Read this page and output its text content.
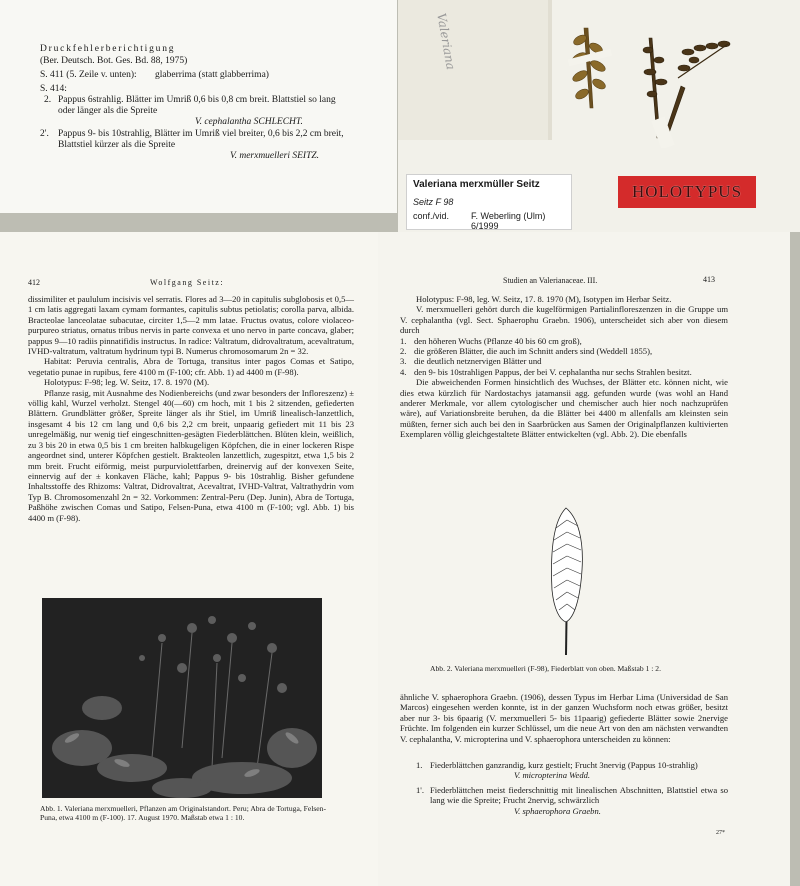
Druckfehlerberichtigung
(Ber. Deutsch. Bot. Ges. Bd. 88, 1975)
S. 411 (5. Zeile v. unten): glaberrima (statt glabberrima)
S. 414:
2. Pappus 6strahlig. Blätter im Umriß 0,6 bis 0,8 cm breit. Blattstiel so lang oder länger als die Spreite
V. cephalantha SCHLECHT.
2'. Pappus 9- bis 10strahlig, Blätter im Umriß viel breiter, 0,6 bis 2,2 cm breit, Blattstiel kürzer als die Spreite
V. merxmuelleri SEITZ.
Valeriana
Valeriana merxmüller Seitz
Seitz F 98
conf./vid. F. Weberling (Ulm) 6/1999
HOLOTYPUS
412	Wolfgang Seitz:

dissimiliter et paululum incisivis vel serratis. Flores ad 3—20 in capitulis subglobosis et 0,5—1 cm latis aggregati laxam cymam formantes, capitulis subtus petiolatis; corolla parva, albida. Bracteolae lanceolatae subacutae, circiter 1,5—2 mm latae. Fructus ovatus, colore violaceo-purpureo striatus, ornatus tribus nervis in parte convexa et uno nervo in parte concava, glaber; pappus 9—10 radiis pinnatifidis instructus. In radice: Valtratum, didrovaltratum, acevaltratum, IVHD-valtratum, valtratum hydrinum typi B. Numerus chromosomarum 2n = 32.

Habitat: Peruvia centralis, Abra de Tortuga, transitus inter pagos Comas et Satipo, vegetatio punae in rupibus, fere 4100 m (F-100; cfr. Abb. 1) ad 4400 m (F-98).

Holotypus: F-98; leg. W. Seitz, 17. 8. 1970 (M).

Pflanze rasig, mit Ausnahme des Nodienbereichs (und zwar besonders der Infloreszenz) ± völlig kahl, Wurzel verholzt. Stengel 40(—60) cm hoch, mit 1 bis 2 sitzenden, gefiederten Blättern. Grundblätter größer, Spreite länger als ihr Stiel, im Umriß linealisch-lanzettlich, insgesamt 4 bis 12 cm lang und 0,6 bis 2,2 cm breit, unpaarig gefiedert mit 11 bis 23 unregelmäßig, nur wenig tief eingeschnitten-gesägten Fiederblättchen. Blüten klein, weißlich, zu 3 bis 20 in etwa 0,5 bis 1 cm breiten halbkugeligen Köpfchen, die in einer lockeren Rispe angeordnet sind, unterer Köpfchen gestielt. Brakteolen lanzettlich, zugespitzt, etwa 1,5 bis 2 mm breit. Frucht eiförmig, meist purpurviolettfarben, dreinervig auf der konvexen Seite, einnervig auf der ± konkaven Fläche, kahl; Pappus 9- bis 10strahlig. Bisher gefundene Inhaltsstoffe des Rhizoms: Valtrat, Didrovaltrat, Acevaltrat, IVHD-Valtrat, Valtrathydrin vom Typ B. Chromosomenzahl 2n = 32. Vorkommen: Zentral-Peru (Dep. Junin), Abra de Tortuga, Paßhöhe zwischen Comas und Satipo, Felsen-Puna, etwa 4100 m (F-100; vgl. Abb. 1) bis 4400 m (F-98).

Abb. 1. Valeriana merxmuelleri, Pflanzen am Originalstandort. Peru; Abra de Tortuga, Felsen-Puna, etwa 4100 m (F-100). 17. August 1970. Maßstab etwa 1 : 10.
Studien an Valerianaceae. III.	413

Holotypus: F-98, leg. W. Seitz, 17. 8. 1970 (M), Isotypen im Herbar Seitz.

V. merxmuelleri gehört durch die kugelförmigen Partialinfloreszenzen in die Gruppe um V. cephalantha (vgl. Sect. Sphaerophu Graebn. 1906), unterscheidet sich aber von diesem durch

1. den höheren Wuchs (Pflanze 40 bis 60 cm groß),
2. die größeren Blätter, die auch im Schnitt anders sind (Weddell 1855),
3. die deutlich netznervigen Blätter und
4. den 9- bis 10strahligen Pappus, der bei V. cephalantha nur sechs Strahlen besitzt.

Die abweichenden Formen hinsichtlich des Wuchses, der Blätter etc. können nicht, wie dies etwa kürzlich für Nardostachys jatamansii agg. gefunden wurde (was wohl an Hand anderer Merkmale, vor allem cytologischer und chemischer auch hier noch nachzuprüfen wäre), auf Variationsbreite beruhen, da die Blätter bei 4400 m allenfalls am kleinsten sein müßten, ferner sich auch bei den in Saarbrücken aus Samen der Originalpflanzen kultivierten Exemplaren völlig gleichgestaltete Blätter entwickelten (vgl. Abb. 2). Die ebenfalls

Abb. 2. Valeriana merxmuelleri (F-98), Fiederblatt von oben. Maßstab 1 : 2.

ähnliche V. sphaerophora Graebn. (1906), dessen Typus im Herbar Lima (Universidad de San Marcos) eingesehen werden konnte, ist in der ganzen Wuchsform noch etwas größer, besitzt aber nur 3- bis 6paarig (V. merxmuelleri 5- bis 11paarig) gefiederte Blätter sowie 2nervige Früchte. Im folgenden ein kurzer Schlüssel, um die neue Art von den am nächsten verwandten V. cephalantha, V. micropterina und V. sphaerophora unterscheiden zu können:

1. Fiederblättchen ganzrandig, kurz gestielt; Frucht 3nervig (Pappus 10-strahlig)
V. micropterina Wedd.
1'. Fiederblättchen meist fiederschnittig mit linealischen Abschnitten, Blattstiel etwa so lang wie die Spreite; Frucht 2nervig, schwärzlich
V. sphaerophora Graebn.
27*
